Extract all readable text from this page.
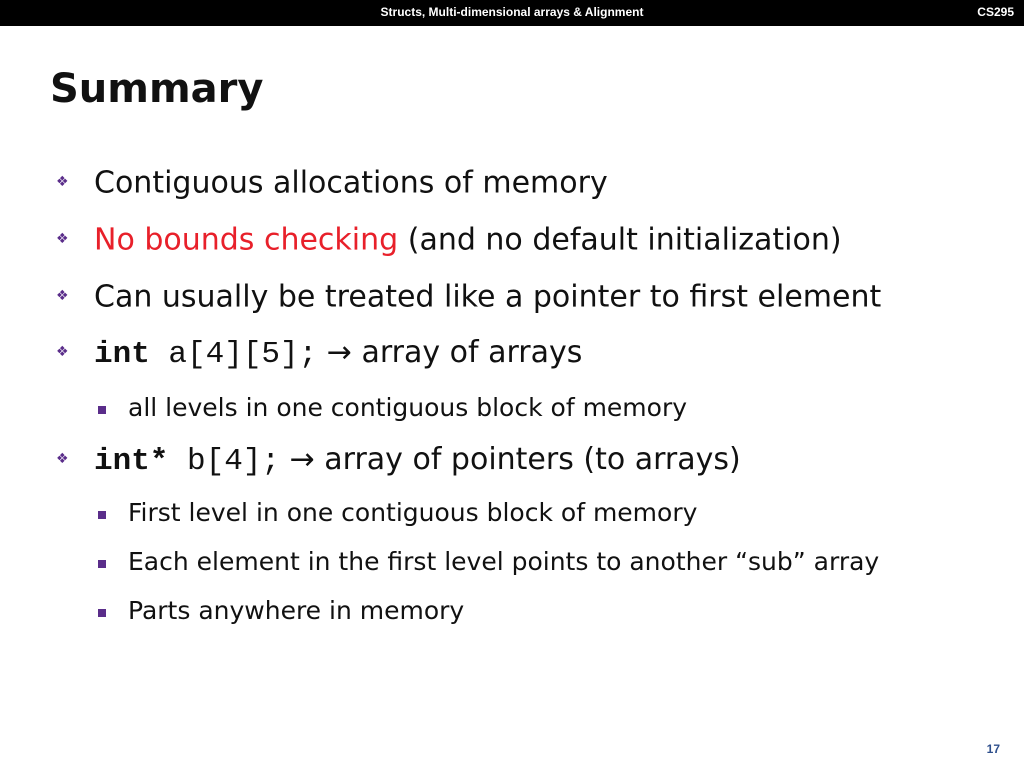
Structs, Multi-dimensional arrays & Alignment	CS295
Summary
❖ Contiguous allocations of memory
❖ No bounds checking (and no default initialization)
❖ Can usually be treated like a pointer to first element
❖ int a[4][5]; → array of arrays
all levels in one contiguous block of memory
❖ int* b[4]; → array of pointers (to arrays)
First level in one contiguous block of memory
Each element in the first level points to another “sub” array
Parts anywhere in memory
17
